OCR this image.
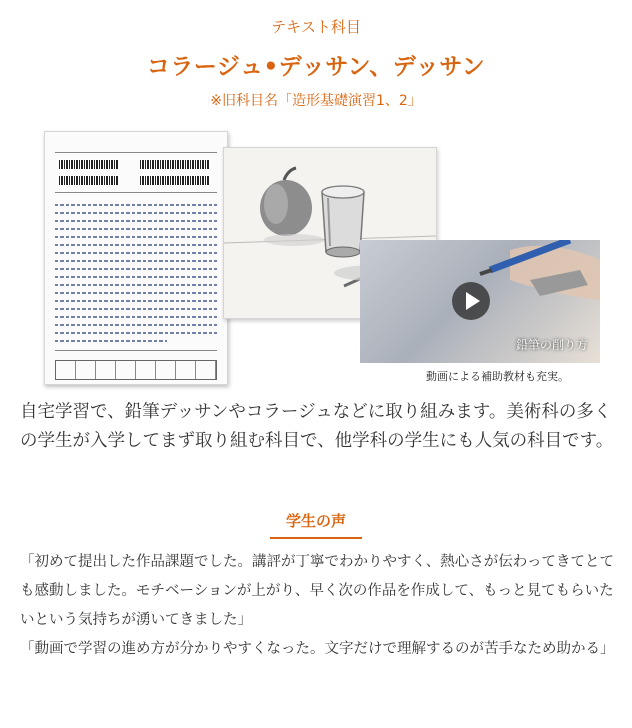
テキスト科目
コラージュ•デッサン、デッサン
※旧科目名「造形基礎演習1、2」
鉛筆の削り方
動画による補助教材も充実。
自宅学習で、鉛筆デッサンやコラージュなどに取り組みます。美術科の多くの学生が入学してまず取り組む科目で、他学科の学生にも人気の科目です。
学生の声

「初めて提出した作品課題でした。講評が丁寧でわかりやすく、熱心さが伝わってきてとても感動しました。モチベーションが上がり、早く次の作品を作成して、もっと見てもらいたいという気持ちが湧いてきました」

「動画で学習の進め方が分かりやすくなった。文字だけで理解するのが苦手なため助かる」
